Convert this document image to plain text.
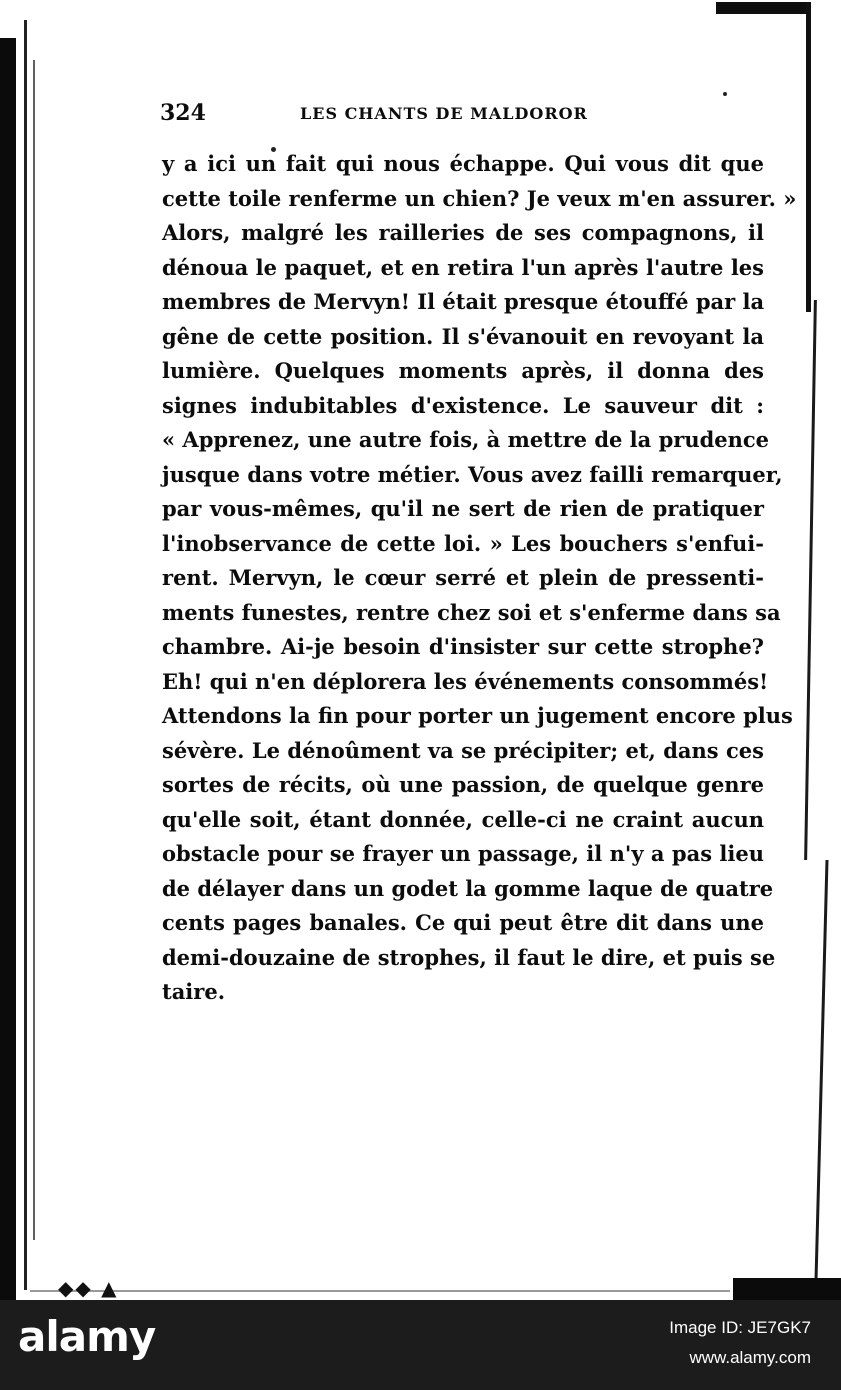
◆◆ ▲
324	LES CHANTS DE MALDOROR
y a ici un fait qui nous échappe. Qui vous dit que
cette toile renferme un chien? Je veux m'en assurer. »
Alors, malgré les railleries de ses compagnons, il
dénoua le paquet, et en retira l'un après l'autre les
membres de Mervyn! Il était presque étouffé par la
gêne de cette position. Il s'évanouit en revoyant la
lumière. Quelques moments après, il donna des
signes indubitables d'existence. Le sauveur dit :
« Apprenez, une autre fois, à mettre de la prudence
jusque dans votre métier. Vous avez failli remarquer,
par vous-mêmes, qu'il ne sert de rien de pratiquer
l'inobservance de cette loi. » Les bouchers s'enfui-
rent. Mervyn, le cœur serré et plein de pressenti-
ments funestes, rentre chez soi et s'enferme dans sa
chambre. Ai-je besoin d'insister sur cette strophe?
Eh! qui n'en déplorera les événements consommés!
Attendons la fin pour porter un jugement encore plus
sévère. Le dénoûment va se précipiter; et, dans ces
sortes de récits, où une passion, de quelque genre
qu'elle soit, étant donnée, celle-ci ne craint aucun
obstacle pour se frayer un passage, il n'y a pas lieu
de délayer dans un godet la gomme laque de quatre
cents pages banales. Ce qui peut être dit dans une
demi-douzaine de strophes, il faut le dire, et puis se
taire.
alamy	Image ID: JE7GK7
www.alamy.com
